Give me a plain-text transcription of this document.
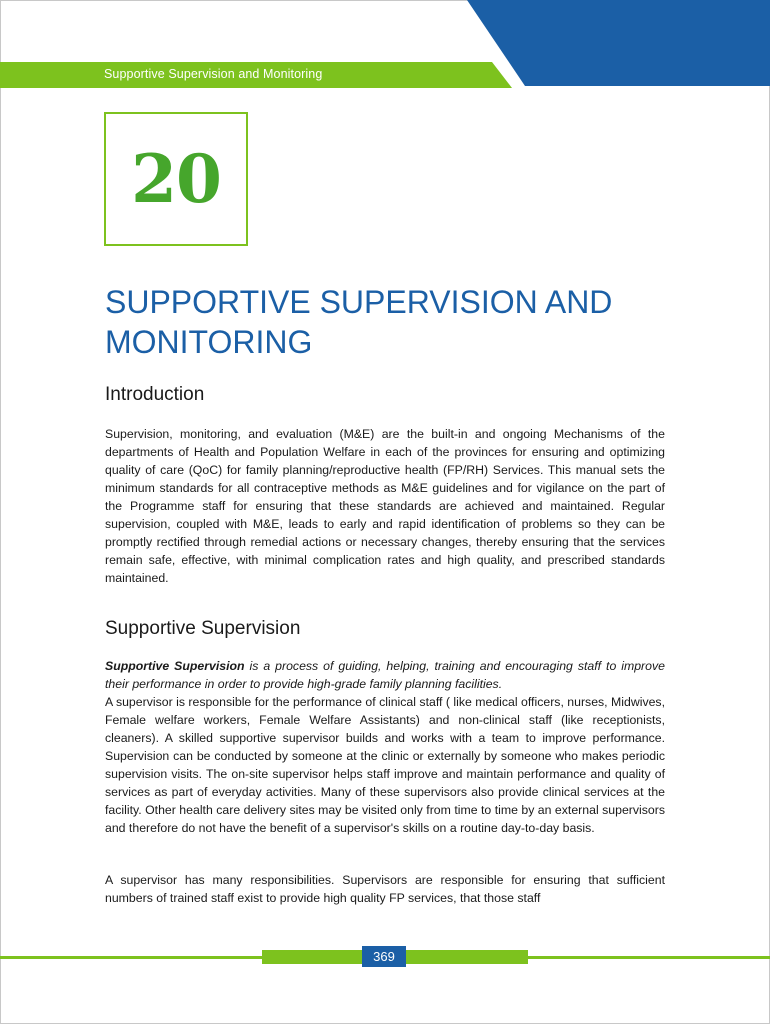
Supportive Supervision and Monitoring
20
SUPPORTIVE SUPERVISION AND MONITORING
Introduction

Supervision, monitoring, and evaluation (M&E) are the built-in and ongoing Mechanisms of the departments of Health and Population Welfare in each of the provinces for ensuring and optimizing quality of care (QoC) for family planning/reproductive health (FP/RH) Services. This manual sets the minimum standards for all contraceptive methods as M&E guidelines and for vigilance on the part of the Programme staff for ensuring that these standards are achieved and maintained. Regular supervision, coupled with M&E, leads to early and rapid identification of problems so they can be promptly rectified through remedial actions or necessary changes, thereby ensuring that the services remain safe, effective, with minimal complication rates and high quality, and prescribed standards maintained.

Supportive Supervision

Supportive Supervision is a process of guiding, helping, training and encouraging staff to improve their performance in order to provide high-grade family planning facilities.

A supervisor is responsible for the performance of clinical staff ( like medical officers, nurses, Midwives, Female welfare workers, Female Welfare Assistants) and non-clinical staff (like receptionists, cleaners). A skilled supportive supervisor builds and works with a team to improve performance. Supervision can be conducted by someone at the clinic or externally by someone who makes periodic supervision visits. The on-site supervisor helps staff improve and maintain performance and quality of services as part of everyday activities. Many of these supervisors also provide clinical services at the facility. Other health care delivery sites may be visited only from time to time by an external supervisors and therefore do not have the benefit of a supervisor's skills on a routine day-to-day basis.

A supervisor has many responsibilities. Supervisors are responsible for ensuring that sufficient numbers of trained staff exist to provide high quality FP services, that those staff

369
